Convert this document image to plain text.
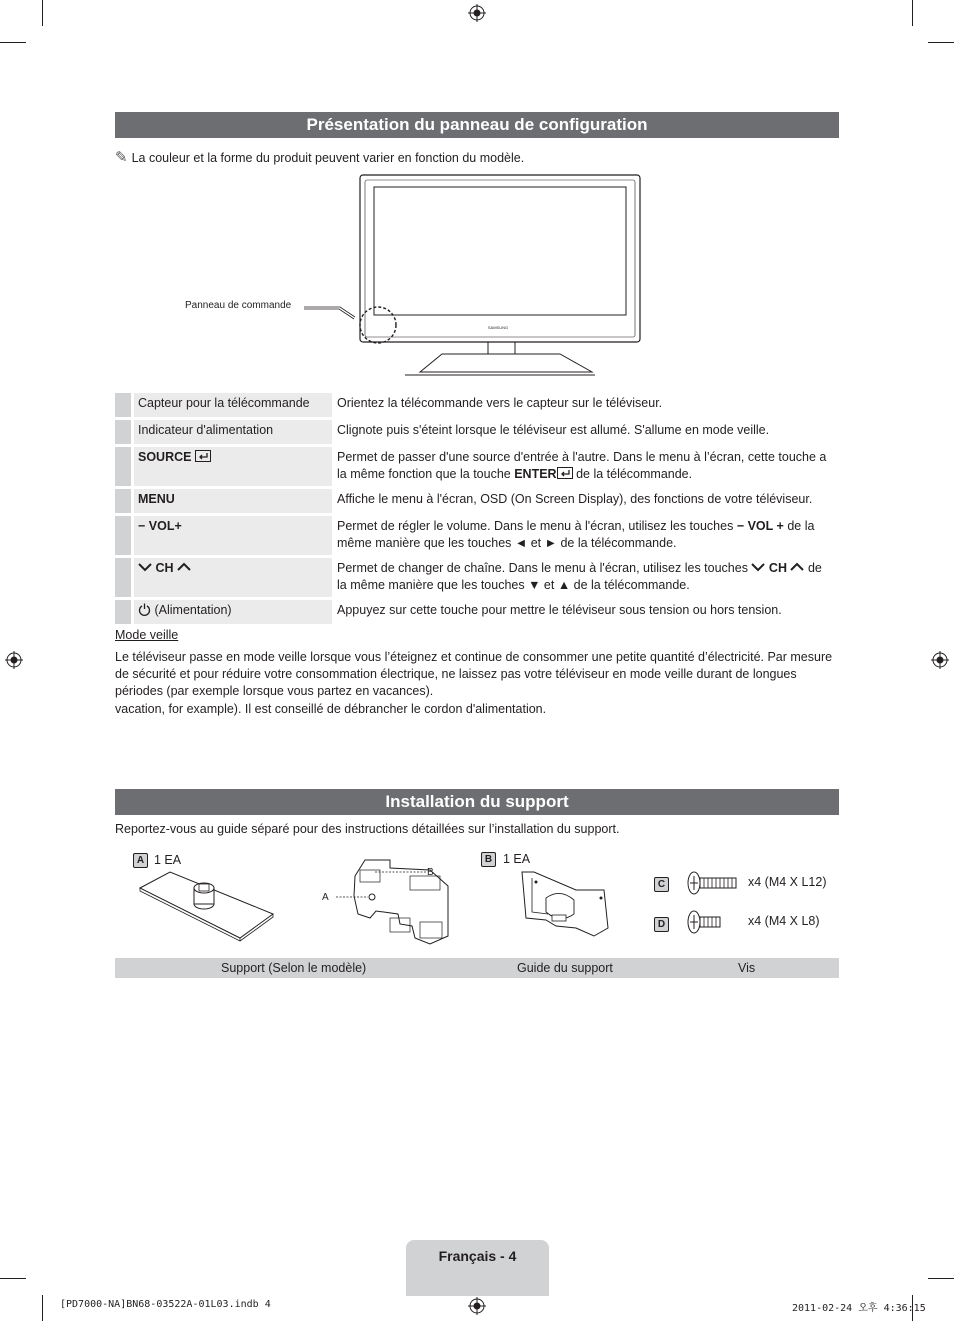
Présentation du panneau de configuration
✎ La couleur et la forme du produit peuvent varier en fonction du modèle.
SAMSUNG
Panneau de commande
	Capteur pour la télécommande	Orientez la télécommande vers le capteur sur le téléviseur.
	Indicateur d'alimentation	Clignote puis s'éteint lorsque le téléviseur est allumé. S'allume en mode veille.
	SOURCE	Permet de passer d'une source d'entrée à l'autre. Dans le menu à l’écran, cette touche a la même fonction que la touche ENTER de la télécommande.
	MENU	Affiche le menu à l'écran, OSD (On Screen Display), des fonctions de votre téléviseur.
	− VOL+	Permet de régler le volume. Dans le menu à l'écran, utilisez les touches − VOL + de la même manière que les touches ◄ et ► de la télécommande.
	CH	Permet de changer de chaîne. Dans le menu à l'écran, utilisez les touches CH de la même manière que les touches ▼ et ▲ de la télécommande.
	(Alimentation)	Appuyez sur cette touche pour mettre le téléviseur sous tension ou hors tension.
Mode veille
Le téléviseur passe en mode veille lorsque vous l’éteignez et continue de consommer une petite quantité d’électricité. Par mesure de sécurité et pour réduire votre consommation électrique, ne laissez pas votre téléviseur en mode veille durant de longues périodes (par exemple lorsque vous partez en vacances).
vacation, for example). Il est conseillé de débrancher le cordon d'alimentation.
Installation du support
Reportez-vous au guide séparé pour des instructions détaillées sur l’installation du support.
A 1 EA
A
B
B 1 EA
C	x4 (M4 X L12)
D	x4 (M4 X L8)
Support (Selon le modèle)	Guide du support	Vis
Français - 4
[PD7000-NA]BN68-03522A-01L03.indb 4	2011-02-24 오후 4:36:15
